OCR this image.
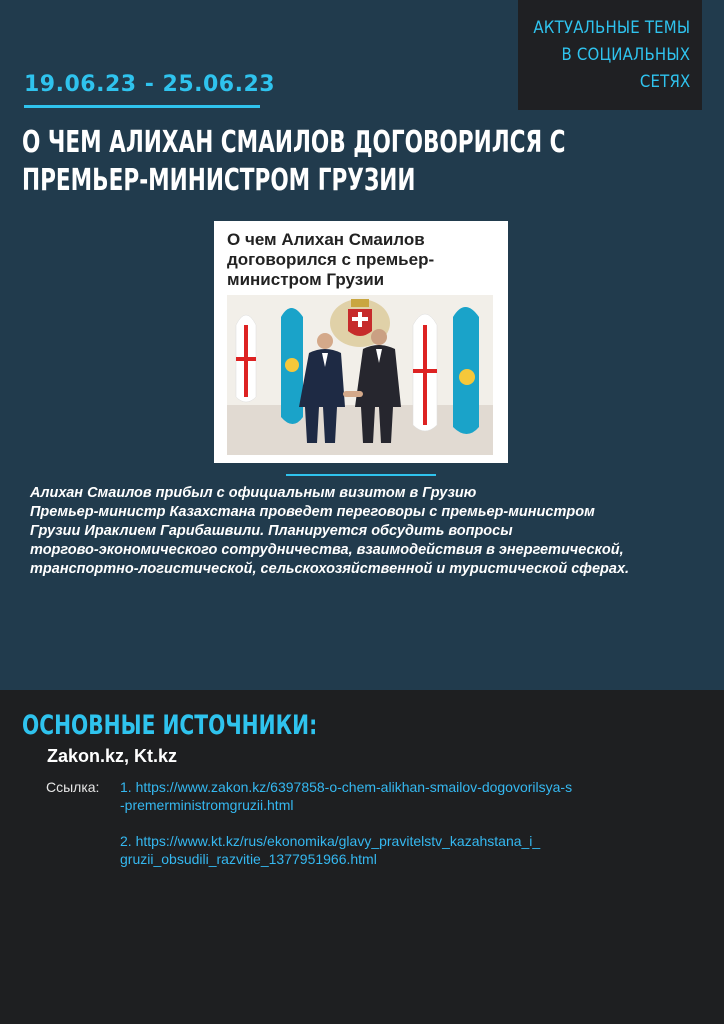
АКТУАЛЬНЫЕ ТЕМЫ
В СОЦИАЛЬНЫХ
СЕТЯХ
19.06.23 - 25.06.23
О ЧЕМ АЛИХАН СМАИЛОВ ДОГОВОРИЛСЯ С
ПРЕМЬЕР-МИНИСТРОМ ГРУЗИИ
О чем Алихан Смаилов
договорился с премьер-
министром Грузии
Алихан Смаилов прибыл с официальным визитом в Грузию
Премьер-министр Казахстана проведет переговоры с премьер-министром
Грузии Ираклием Гарибашвили. Планируется обсудить вопросы
торгово-экономического сотрудничества, взаимодействия в энергетической,
транспортно-логистической, сельскохозяйственной и туристической сферах.
ОСНОВНЫЕ ИСТОЧНИКИ:
Zakon.kz, Kt.kz
Ссылка: 1. https://www.zakon.kz/6397858-o-chem-alikhan-smailov-dogovorilsya-s
-premerministromgruzii.html
2. https://www.kt.kz/rus/ekonomika/glavy_pravitelstv_kazahstana_i_
gruzii_obsudili_razvitie_1377951966.html
